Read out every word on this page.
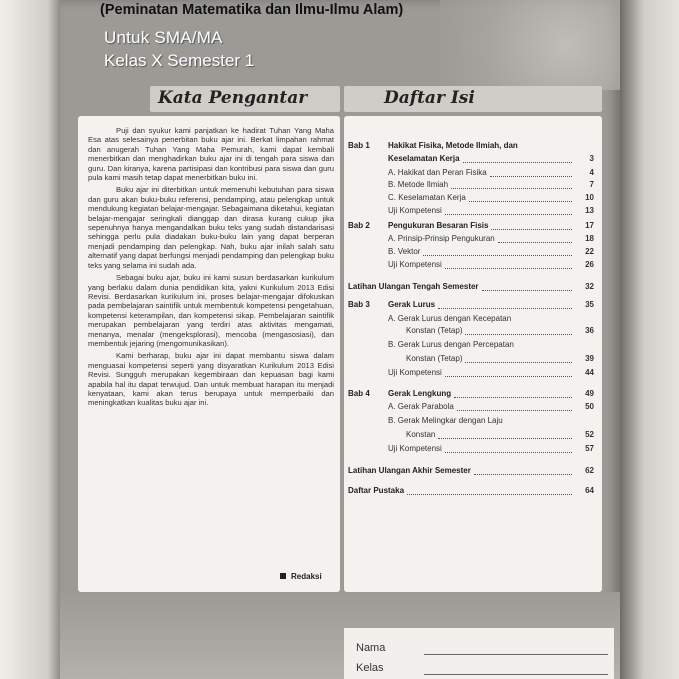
(Peminatan Matematika dan Ilmu-Ilmu Alam)
Untuk SMA/MA
Kelas X Semester 1
Kata Pengantar	Daftar Isi

Puji dan syukur kami panjatkan ke hadirat Tuhan Yang Maha Esa atas selesainya penerbitan buku ajar ini. Berkat limpahan rahmat dan anugerah Tuhan Yang Maha Pemurah, kami dapat kembali menerbitkan dan menghadirkan buku ajar ini di tengah para siswa dan guru. Dan kiranya, karena partisipasi dan kontribusi para siswa dan guru pula kami masih tetap dapat menerbitkan buku ini.

Buku ajar ini diterbitkan untuk memenuhi kebutuhan para siswa dan guru akan buku-buku referensi, pendamping, atau pelengkap untuk mendukung kegiatan belajar-mengajar. Sebagaimana diketahui, kegiatan belajar-mengajar seringkali dianggap dan dirasa kurang cukup jika sepenuhnya hanya mengandalkan buku teks yang sudah distandarisasi sehingga perlu pula diadakan buku-buku lain yang dapat berperan menjadi pendamping dan pelengkap. Nah, buku ajar inilah salah satu alternatif yang dapat berfungsi menjadi pendamping dan pelengkap buku teks yang selama ini sudah ada.

Sebagai buku ajar, buku ini kami susun berdasarkan kurikulum yang berlaku dalam dunia pendidikan kita, yakni Kurikulum 2013 Edisi Revisi. Berdasarkan kurikulum ini, proses belajar-mengajar difokuskan pada pembelajaran saintifik untuk membentuk kompetensi pengetahuan, kompetensi keterampilan, dan kompetensi sikap. Pembelajaran saintifik merupakan pembelajaran yang terdiri atas aktivitas mengamati, menanya, menalar (mengeksplorasi), mencoba (mengasosiasi), dan membentuk jejaring (mengomunikasikan).

Kami berharap, buku ajar ini dapat membantu siswa dalam menguasai kompetensi seperti yang disyaratkan Kurikulum 2013 Edisi Revisi. Sungguh merupakan kegembiraan dan kepuasan bagi kami apabila hal itu dapat terwujud. Dan untuk membuat harapan itu menjadi kenyataan, kami akan terus berupaya untuk memperbaiki dan meningkatkan kualitas buku ajar ini.

Redaksi
Bab 1 Hakikat Fisika, Metode Ilmiah, dan
Keselamatan Kerja	3
A. Hakikat dan Peran Fisika	4
B. Metode Ilmiah	7
C. Keselamatan Kerja	10
Uji Kompetensi	13
Bab 2 Pengukuran Besaran Fisis	17
A. Prinsip-Prinsip Pengukuran	18
B. Vektor	22
Uji Kompetensi	26
Latihan Ulangan Tengah Semester	32
Bab 3 Gerak Lurus	35
A. Gerak Lurus dengan Kecepatan
Konstan (Tetap)	36
B. Gerak Lurus dengan Percepatan
Konstan (Tetap)	39
Uji Kompetensi	44
Bab 4 Gerak Lengkung	49
A. Gerak Parabola	50
B. Gerak Melingkar dengan Laju
Konstan	52
Uji Kompetensi	57
Latihan Ulangan Akhir Semester	62
Daftar Pustaka	64
Nama
Kelas
